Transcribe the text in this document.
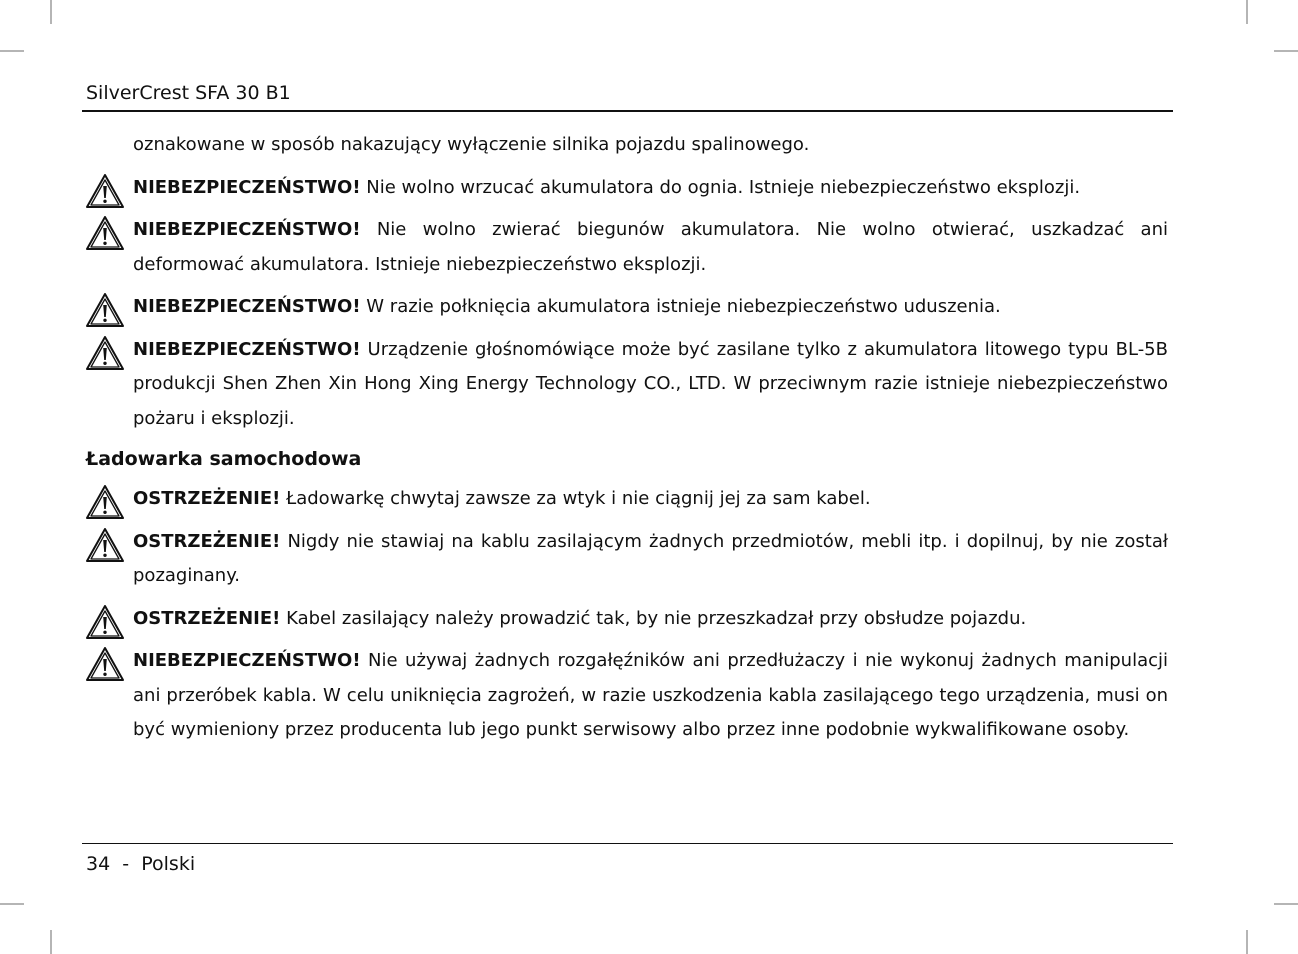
SilverCrest SFA 30 B1
oznakowane w sposób nakazujący wyłączenie silnika pojazdu spalinowego.
NIEBEZPIECZEŃSTWO! Nie wolno wrzucać akumulatora do ognia. Istnieje niebezpieczeństwo eksplozji.
NIEBEZPIECZEŃSTWO! Nie wolno zwierać biegunów akumulatora. Nie wolno otwierać, uszkadzać ani deformować akumulatora. Istnieje niebezpieczeństwo eksplozji.
NIEBEZPIECZEŃSTWO! W razie połknięcia akumulatora istnieje niebezpieczeństwo uduszenia.
NIEBEZPIECZEŃSTWO! Urządzenie głośnomówiące może być zasilane tylko z akumulatora litowego typu BL-5B produkcji Shen Zhen Xin Hong Xing Energy Technology CO., LTD. W przeciwnym razie istnieje niebezpieczeństwo pożaru i eksplozji.
Ładowarka samochodowa
OSTRZEŻENIE! Ładowarkę chwytaj zawsze za wtyk i nie ciągnij jej za sam kabel.
OSTRZEŻENIE! Nigdy nie stawiaj na kablu zasilającym żadnych przedmiotów, mebli itp. i dopilnuj, by nie został pozaginany.
OSTRZEŻENIE! Kabel zasilający należy prowadzić tak, by nie przeszkadzał przy obsłudze pojazdu.
NIEBEZPIECZEŃSTWO! Nie używaj żadnych rozgałęźników ani przedłużaczy i nie wykonuj żadnych manipulacji ani przeróbek kabla. W celu uniknięcia zagrożeń, w razie uszkodzenia kabla zasilającego tego urządzenia, musi on być wymieniony przez producenta lub jego punkt serwisowy albo przez inne podobnie wykwalifikowane osoby.
34 - Polski
